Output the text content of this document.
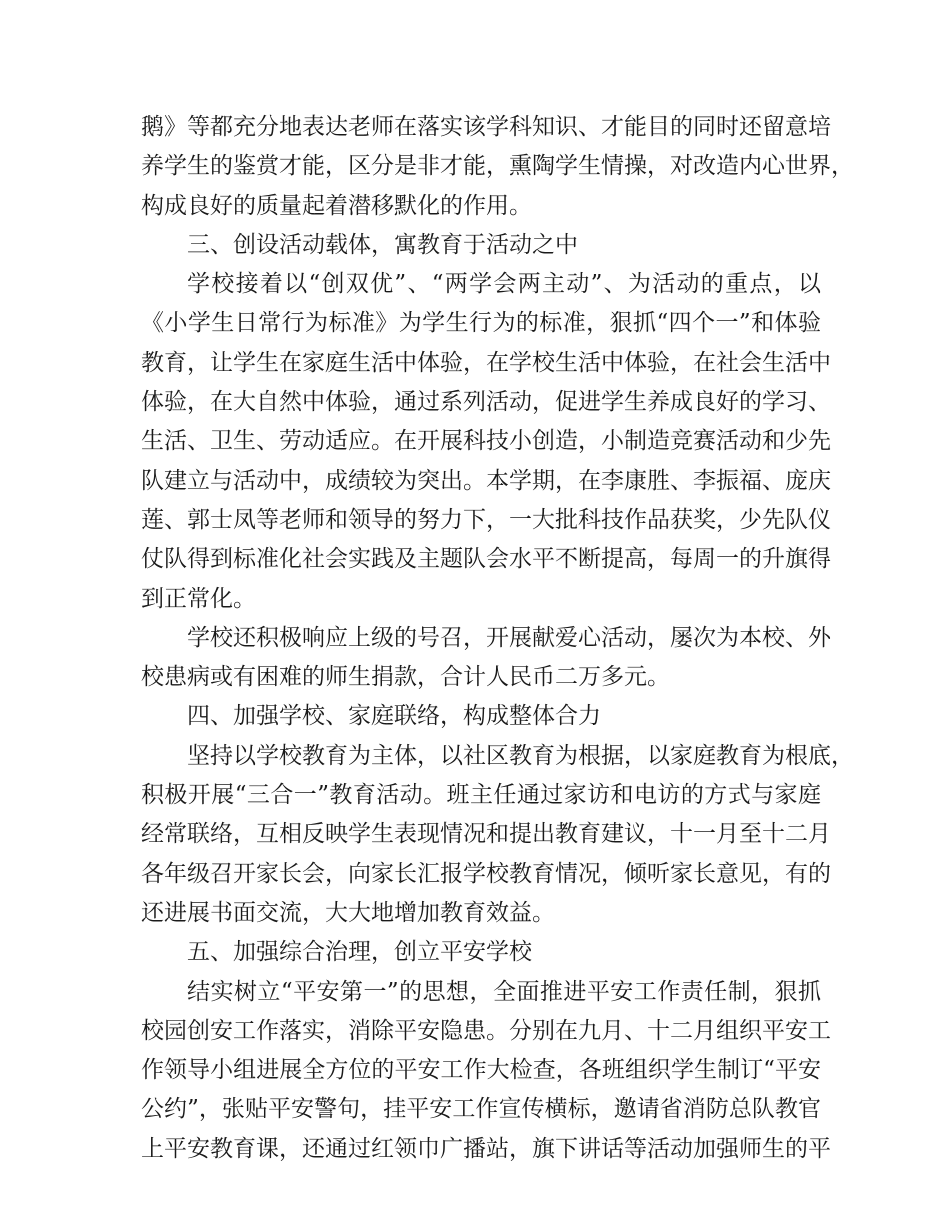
鹅》等都充分地表达老师在落实该学科知识、才能目的同时还留意培
养学生的鉴赏才能，区分是非才能，熏陶学生情操，对改造内心世界，
构成良好的质量起着潜移默化的作用。
三、创设活动载体，寓教育于活动之中
学校接着以“创双优”、“两学会两主动”、为活动的重点，以
《小学生日常行为标准》为学生行为的标准，狠抓“四个一”和体验
教育，让学生在家庭生活中体验，在学校生活中体验，在社会生活中
体验，在大自然中体验，通过系列活动，促进学生养成良好的学习、
生活、卫生、劳动适应。在开展科技小创造，小制造竞赛活动和少先
队建立与活动中，成绩较为突出。本学期，在李康胜、李振福、庞庆
莲、郭士凤等老师和领导的努力下，一大批科技作品获奖，少先队仪
仗队得到标准化社会实践及主题队会水平不断提高，每周一的升旗得
到正常化。
学校还积极响应上级的号召，开展献爱心活动，屡次为本校、外
校患病或有困难的师生捐款，合计人民币二万多元。
四、加强学校、家庭联络，构成整体合力
坚持以学校教育为主体，以社区教育为根据，以家庭教育为根底，
积极开展“三合一”教育活动。班主任通过家访和电访的方式与家庭
经常联络，互相反映学生表现情况和提出教育建议，十一月至十二月
各年级召开家长会，向家长汇报学校教育情况，倾听家长意见，有的
还进展书面交流，大大地增加教育效益。
五、加强综合治理，创立平安学校
结实树立“平安第一”的思想，全面推进平安工作责任制，狠抓
校园创安工作落实，消除平安隐患。分别在九月、十二月组织平安工
作领导小组进展全方位的平安工作大检查，各班组织学生制订“平安
公约”，张贴平安警句，挂平安工作宣传横标，邀请省消防总队教官
上平安教育课，还通过红领巾广播站，旗下讲话等活动加强师生的平
